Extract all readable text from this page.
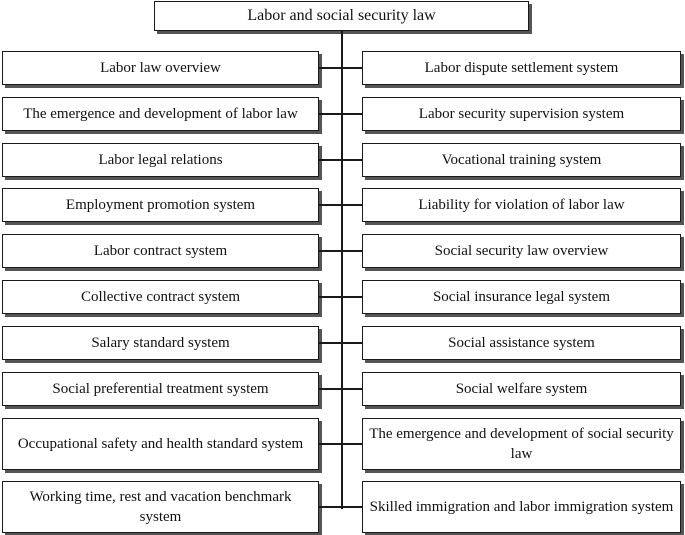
Labor and social security law
Labor law overview	Labor dispute settlement system
The emergence and development of labor law	Labor security supervision system
Labor legal relations	Vocational training system
Employment promotion system	Liability for violation of labor law
Labor contract system	Social security law overview
Collective contract system	Social insurance legal system
Salary standard system	Social assistance system
Social preferential treatment system	Social welfare system
Occupational safety and health standard system
The emergence and development of social security law
Working time, rest and vacation benchmark system
Skilled immigration and labor immigration system
